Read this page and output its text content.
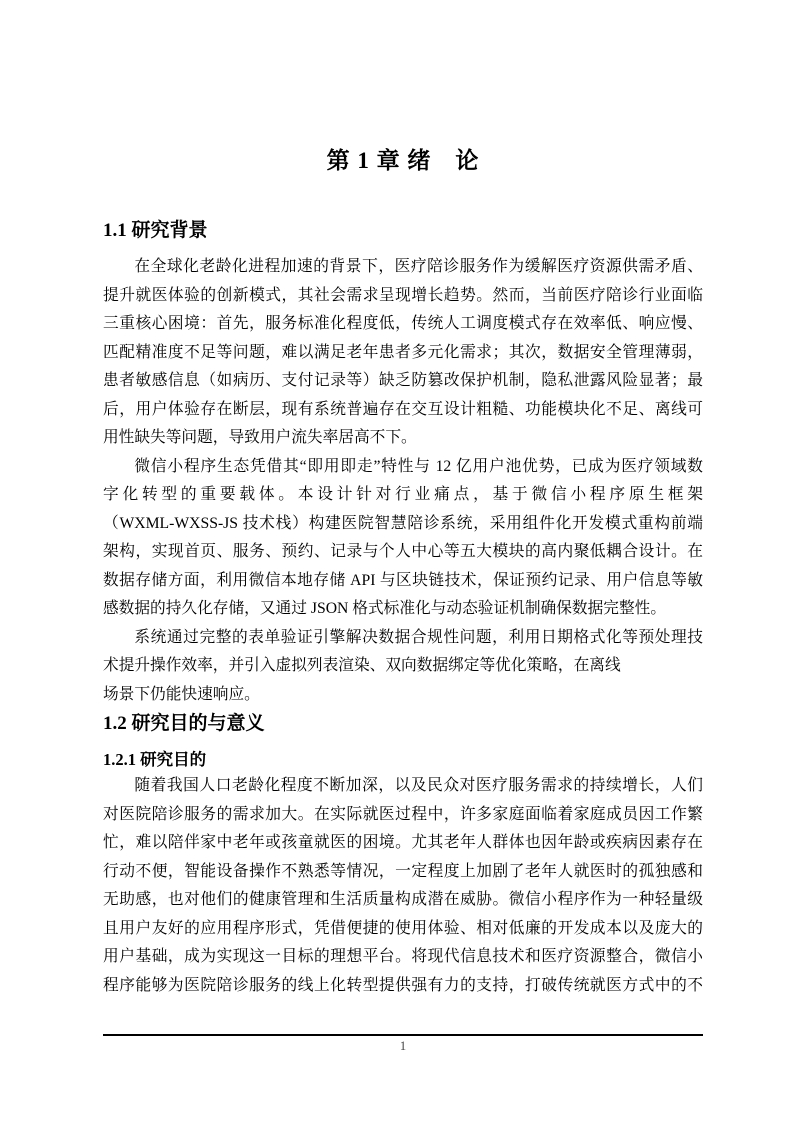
第 1 章 绪　论
1.1 研究背景
在全球化老龄化进程加速的背景下，医疗陪诊服务作为缓解医疗资源供需矛盾、
提升就医体验的创新模式，其社会需求呈现增长趋势。然而，当前医疗陪诊行业面临
三重核心困境：首先，服务标准化程度低，传统人工调度模式存在效率低、响应慢、
匹配精准度不足等问题，难以满足老年患者多元化需求；其次，数据安全管理薄弱，
患者敏感信息（如病历、支付记录等）缺乏防篡改保护机制，隐私泄露风险显著；最
后，用户体验存在断层，现有系统普遍存在交互设计粗糙、功能模块化不足、离线可
用性缺失等问题，导致用户流失率居高不下。
微信小程序生态凭借其“即用即走”特性与 12 亿用户池优势，已成为医疗领域数
字化转型的重要载体。本设计针对行业痛点，基于微信小程序原生框架
（WXML-WXSS-JS 技术栈）构建医院智慧陪诊系统，采用组件化开发模式重构前端
架构，实现首页、服务、预约、记录与个人中心等五大模块的高内聚低耦合设计。在
数据存储方面，利用微信本地存储 API 与区块链技术，保证预约记录、用户信息等敏
感数据的持久化存储，又通过 JSON 格式标准化与动态验证机制确保数据完整性。
系统通过完整的表单验证引擎解决数据合规性问题，利用日期格式化等预处理技
术提升操作效率，并引入虚拟列表渲染、双向数据绑定等优化策略，在离线
场景下仍能快速响应。
1.2 研究目的与意义
1.2.1 研究目的
随着我国人口老龄化程度不断加深，以及民众对医疗服务需求的持续增长，人们
对医院陪诊服务的需求加大。在实际就医过程中，许多家庭面临着家庭成员因工作繁
忙，难以陪伴家中老年或孩童就医的困境。尤其老年人群体也因年龄或疾病因素存在
行动不便，智能设备操作不熟悉等情况，一定程度上加剧了老年人就医时的孤独感和
无助感，也对他们的健康管理和生活质量构成潜在威胁。微信小程序作为一种轻量级
且用户友好的应用程序形式，凭借便捷的使用体验、相对低廉的开发成本以及庞大的
用户基础，成为实现这一目标的理想平台。将现代信息技术和医疗资源整合，微信小
程序能够为医院陪诊服务的线上化转型提供强有力的支持，打破传统就医方式中的不
1
